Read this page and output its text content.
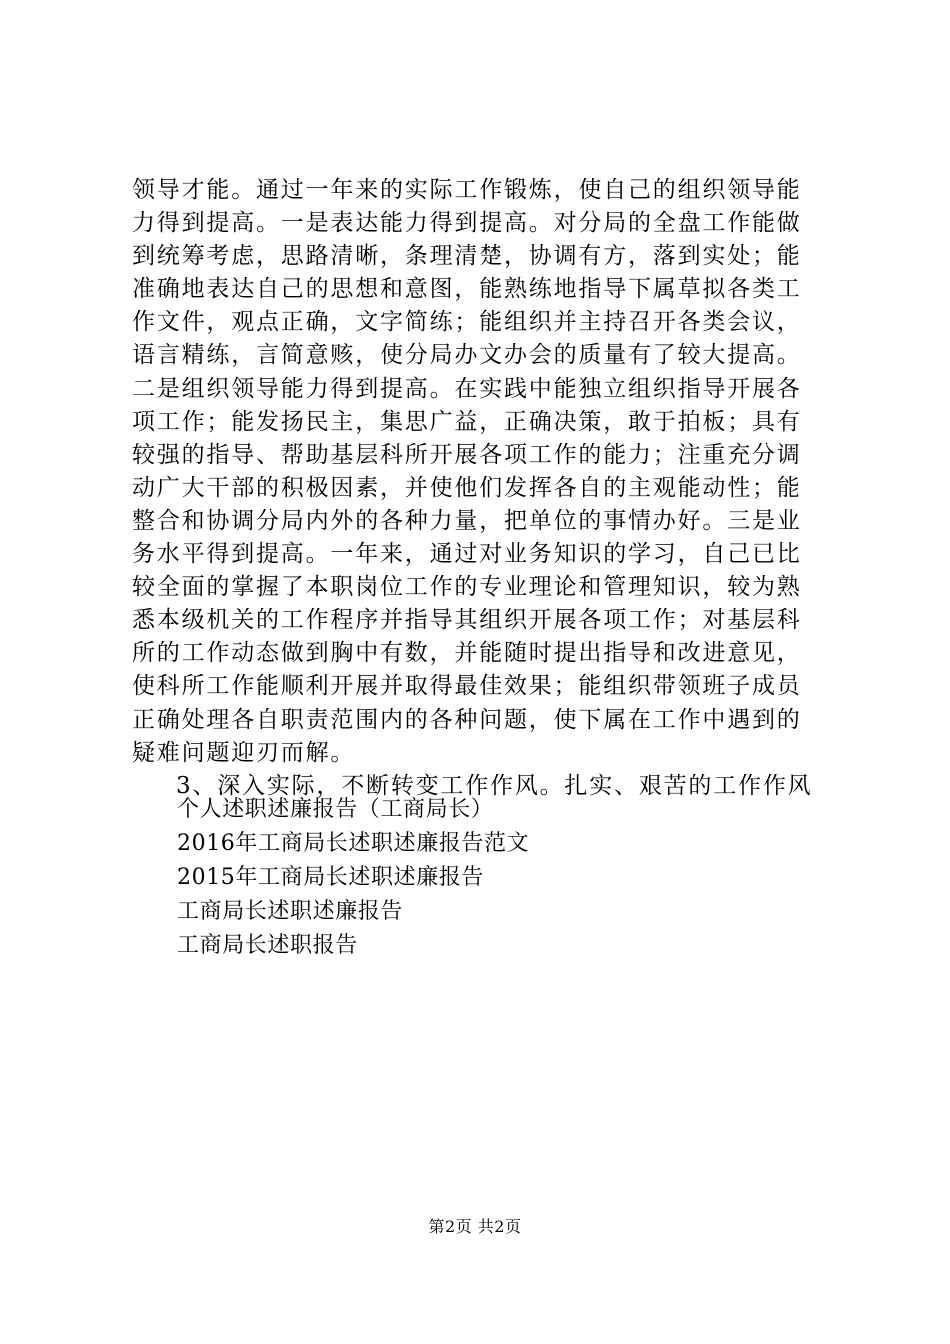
领导才能。通过一年来的实际工作锻炼，使自己的组织领导能
力得到提高。一是表达能力得到提高。对分局的全盘工作能做
到统筹考虑，思路清晰，条理清楚，协调有方，落到实处；能
准确地表达自己的思想和意图，能熟练地指导下属草拟各类工
作文件，观点正确，文字简练；能组织并主持召开各类会议，
语言精练，言简意赅，使分局办文办会的质量有了较大提高。
二是组织领导能力得到提高。在实践中能独立组织指导开展各
项工作；能发扬民主，集思广益，正确决策，敢于拍板；具有
较强的指导、帮助基层科所开展各项工作的能力；注重充分调
动广大干部的积极因素，并使他们发挥各自的主观能动性；能
整合和协调分局内外的各种力量，把单位的事情办好。三是业
务水平得到提高。一年来，通过对业务知识的学习，自己已比
较全面的掌握了本职岗位工作的专业理论和管理知识，较为熟
悉本级机关的工作程序并指导其组织开展各项工作；对基层科
所的工作动态做到胸中有数，并能随时提出指导和改进意见，
使科所工作能顺利开展并取得最佳效果；能组织带领班子成员
正确处理各自职责范围内的各种问题，使下属在工作中遇到的
疑难问题迎刃而解。
3、深入实际，不断转变工作作风。扎实、艰苦的工作作风
个人述职述廉报告（工商局长）
2016年工商局长述职述廉报告范文
2015年工商局长述职述廉报告
工商局长述职述廉报告
工商局长述职报告
第2页 共2页
